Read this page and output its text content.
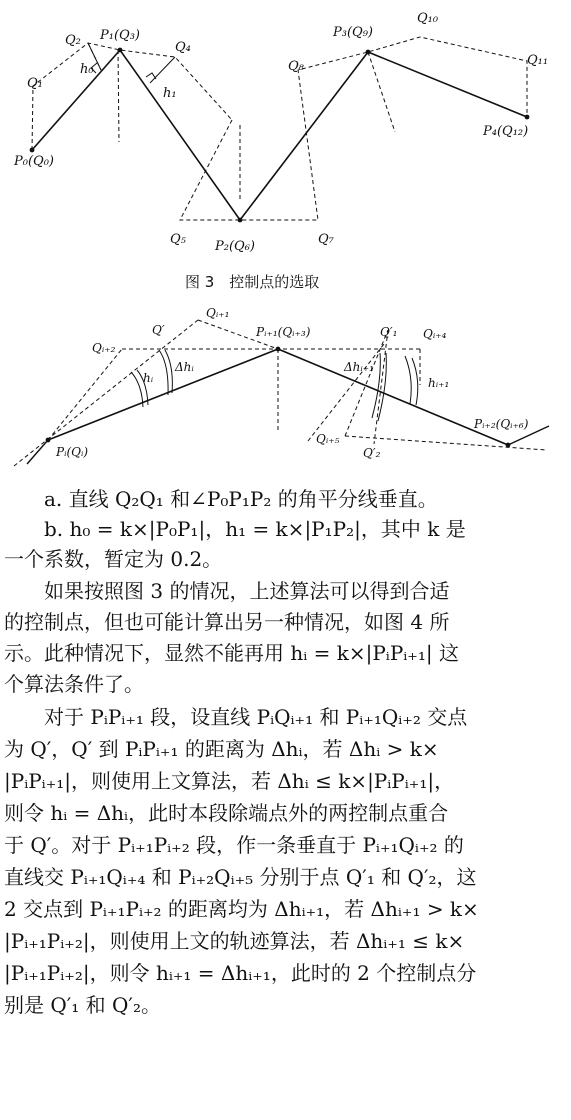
P₀(Q₀)
P₁(Q₃)
P₂(Q₆)
P₃(Q₉)
P₄(Q₁₂)
Q₁
Q₂	Q₄
Q₅	Q₇
Q₈
Q₁₀
Q₁₁
h₀
h₁
图 3　控制点的选取
Qᵢ₊₁
Qᵢ₊₂
Q′	Pᵢ₊₁(Qᵢ₊₃)	Q′₁ Qᵢ₊₄
hᵢ
Δhᵢ	Δhᵢ₊₁
hᵢ₊₁
Pᵢ(Qᵢ)
Qᵢ₊₅
Q′₂
Pᵢ₊₂(Qᵢ₊₆)
a. 直线 Q₂Q₁ 和∠P₀P₁P₂ 的角平分线垂直。
b. h₀ = k×|P₀P₁|，h₁ = k×|P₁P₂|，其中 k 是
一个系数，暂定为 0.2。
如果按照图 3 的情况，上述算法可以得到合适
的控制点，但也可能计算出另一种情况，如图 4 所
示。此种情况下，显然不能再用 hᵢ = k×|PᵢPᵢ₊₁| 这
个算法条件了。
对于 PᵢPᵢ₊₁ 段，设直线 PᵢQᵢ₊₁ 和 Pᵢ₊₁Qᵢ₊₂ 交点
为 Q′，Q′ 到 PᵢPᵢ₊₁ 的距离为 Δhᵢ，若 Δhᵢ > k×
|PᵢPᵢ₊₁|，则使用上文算法，若 Δhᵢ ≤ k×|PᵢPᵢ₊₁|，
则令 hᵢ = Δhᵢ，此时本段除端点外的两控制点重合
于 Q′。对于 Pᵢ₊₁Pᵢ₊₂ 段，作一条垂直于 Pᵢ₊₁Qᵢ₊₂ 的
直线交 Pᵢ₊₁Qᵢ₊₄ 和 Pᵢ₊₂Qᵢ₊₅ 分别于点 Q′₁ 和 Q′₂，这
2 交点到 Pᵢ₊₁Pᵢ₊₂ 的距离均为 Δhᵢ₊₁，若 Δhᵢ₊₁ > k×
|Pᵢ₊₁Pᵢ₊₂|，则使用上文的轨迹算法，若 Δhᵢ₊₁ ≤ k×
|Pᵢ₊₁Pᵢ₊₂|，则令 hᵢ₊₁ = Δhᵢ₊₁，此时的 2 个控制点分
别是 Q′₁ 和 Q′₂。
